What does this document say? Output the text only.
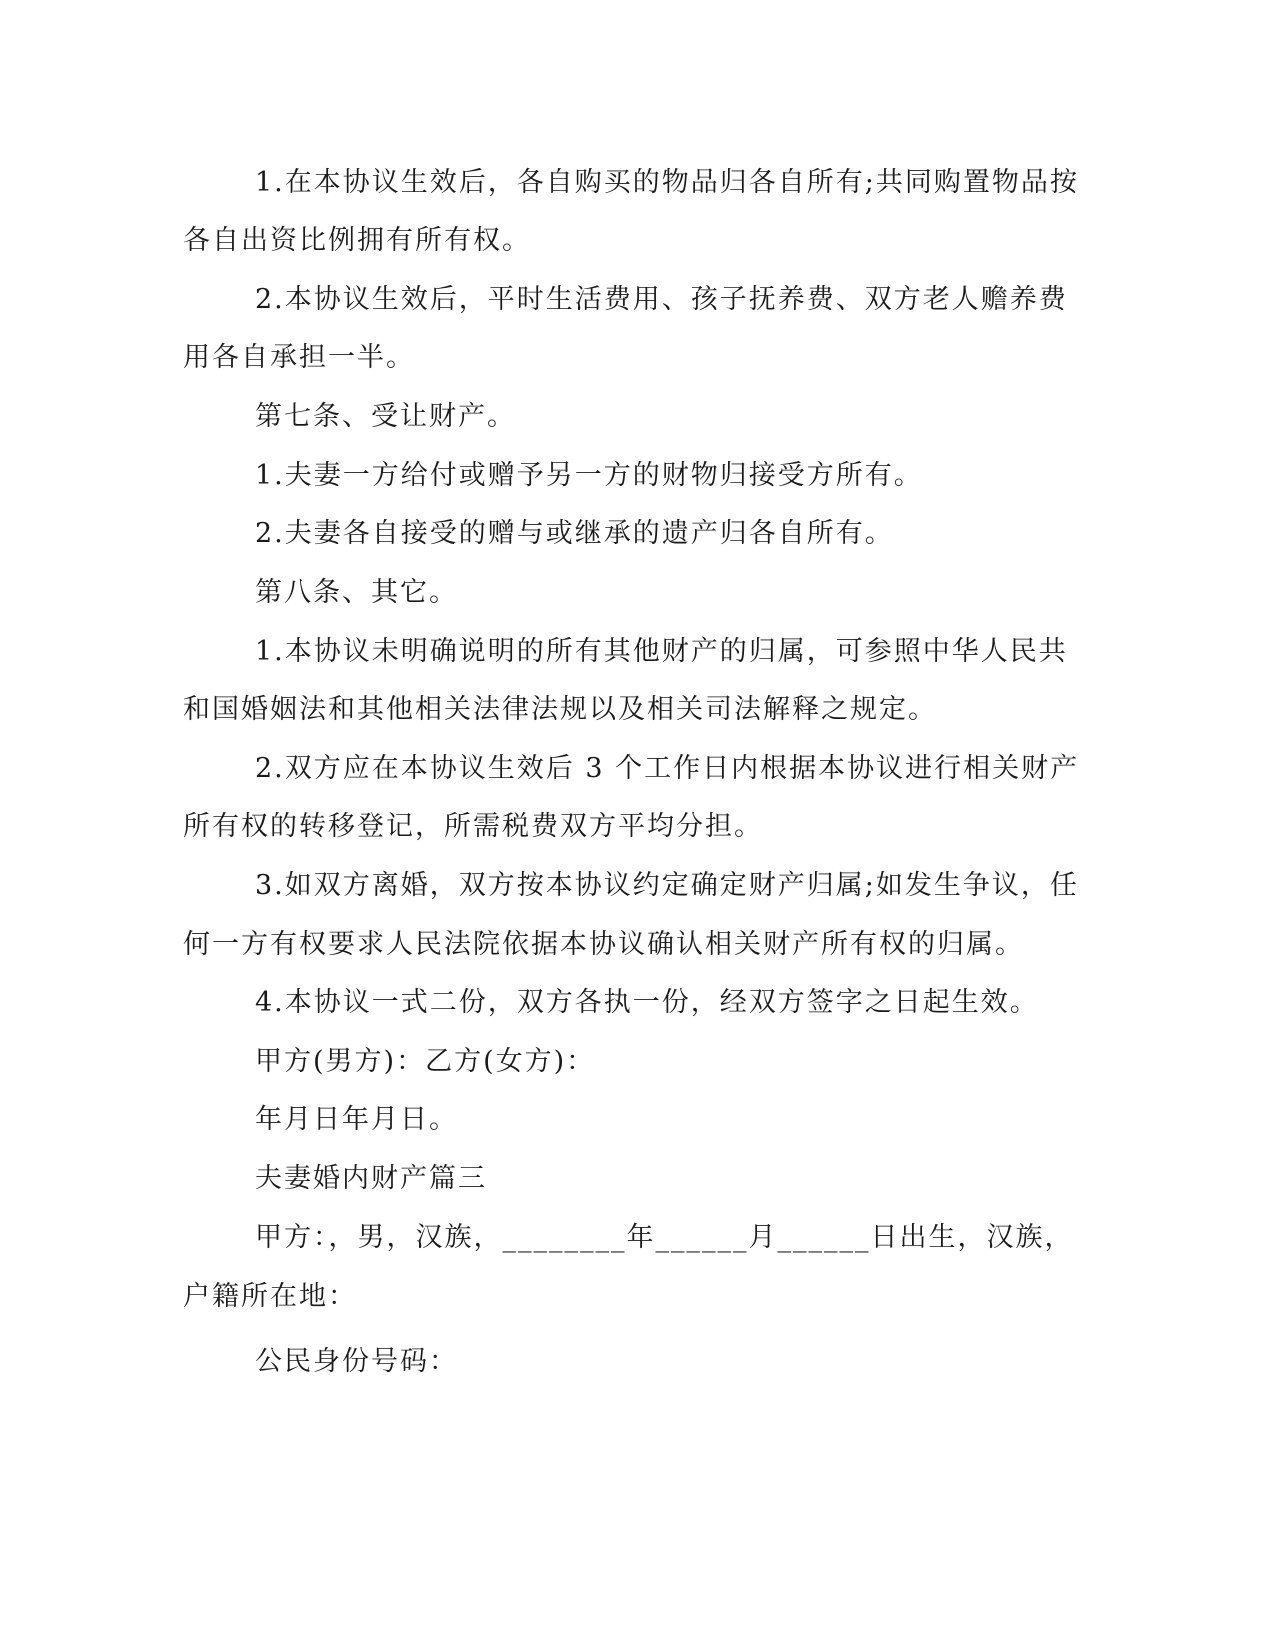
1.在本协议生效后，各自购买的物品归各自所有;共同购置物品按
各自出资比例拥有所有权。
2.本协议生效后，平时生活费用、孩子抚养费、双方老人赡养费
用各自承担一半。
第七条、受让财产。
1.夫妻一方给付或赠予另一方的财物归接受方所有。
2.夫妻各自接受的赠与或继承的遗产归各自所有。
第八条、其它。
1.本协议未明确说明的所有其他财产的归属，可参照中华人民共
和国婚姻法和其他相关法律法规以及相关司法解释之规定。
2.双方应在本协议生效后 3 个工作日内根据本协议进行相关财产
所有权的转移登记，所需税费双方平均分担。
3.如双方离婚，双方按本协议约定确定财产归属;如发生争议，任
何一方有权要求人民法院依据本协议确认相关财产所有权的归属。
4.本协议一式二份，双方各执一份，经双方签字之日起生效。
甲方(男方)：乙方(女方)：
年月日年月日。
夫妻婚内财产篇三
甲方：，男，汉族，________年______月______日出生，汉族，
户籍所在地：
公民身份号码：
